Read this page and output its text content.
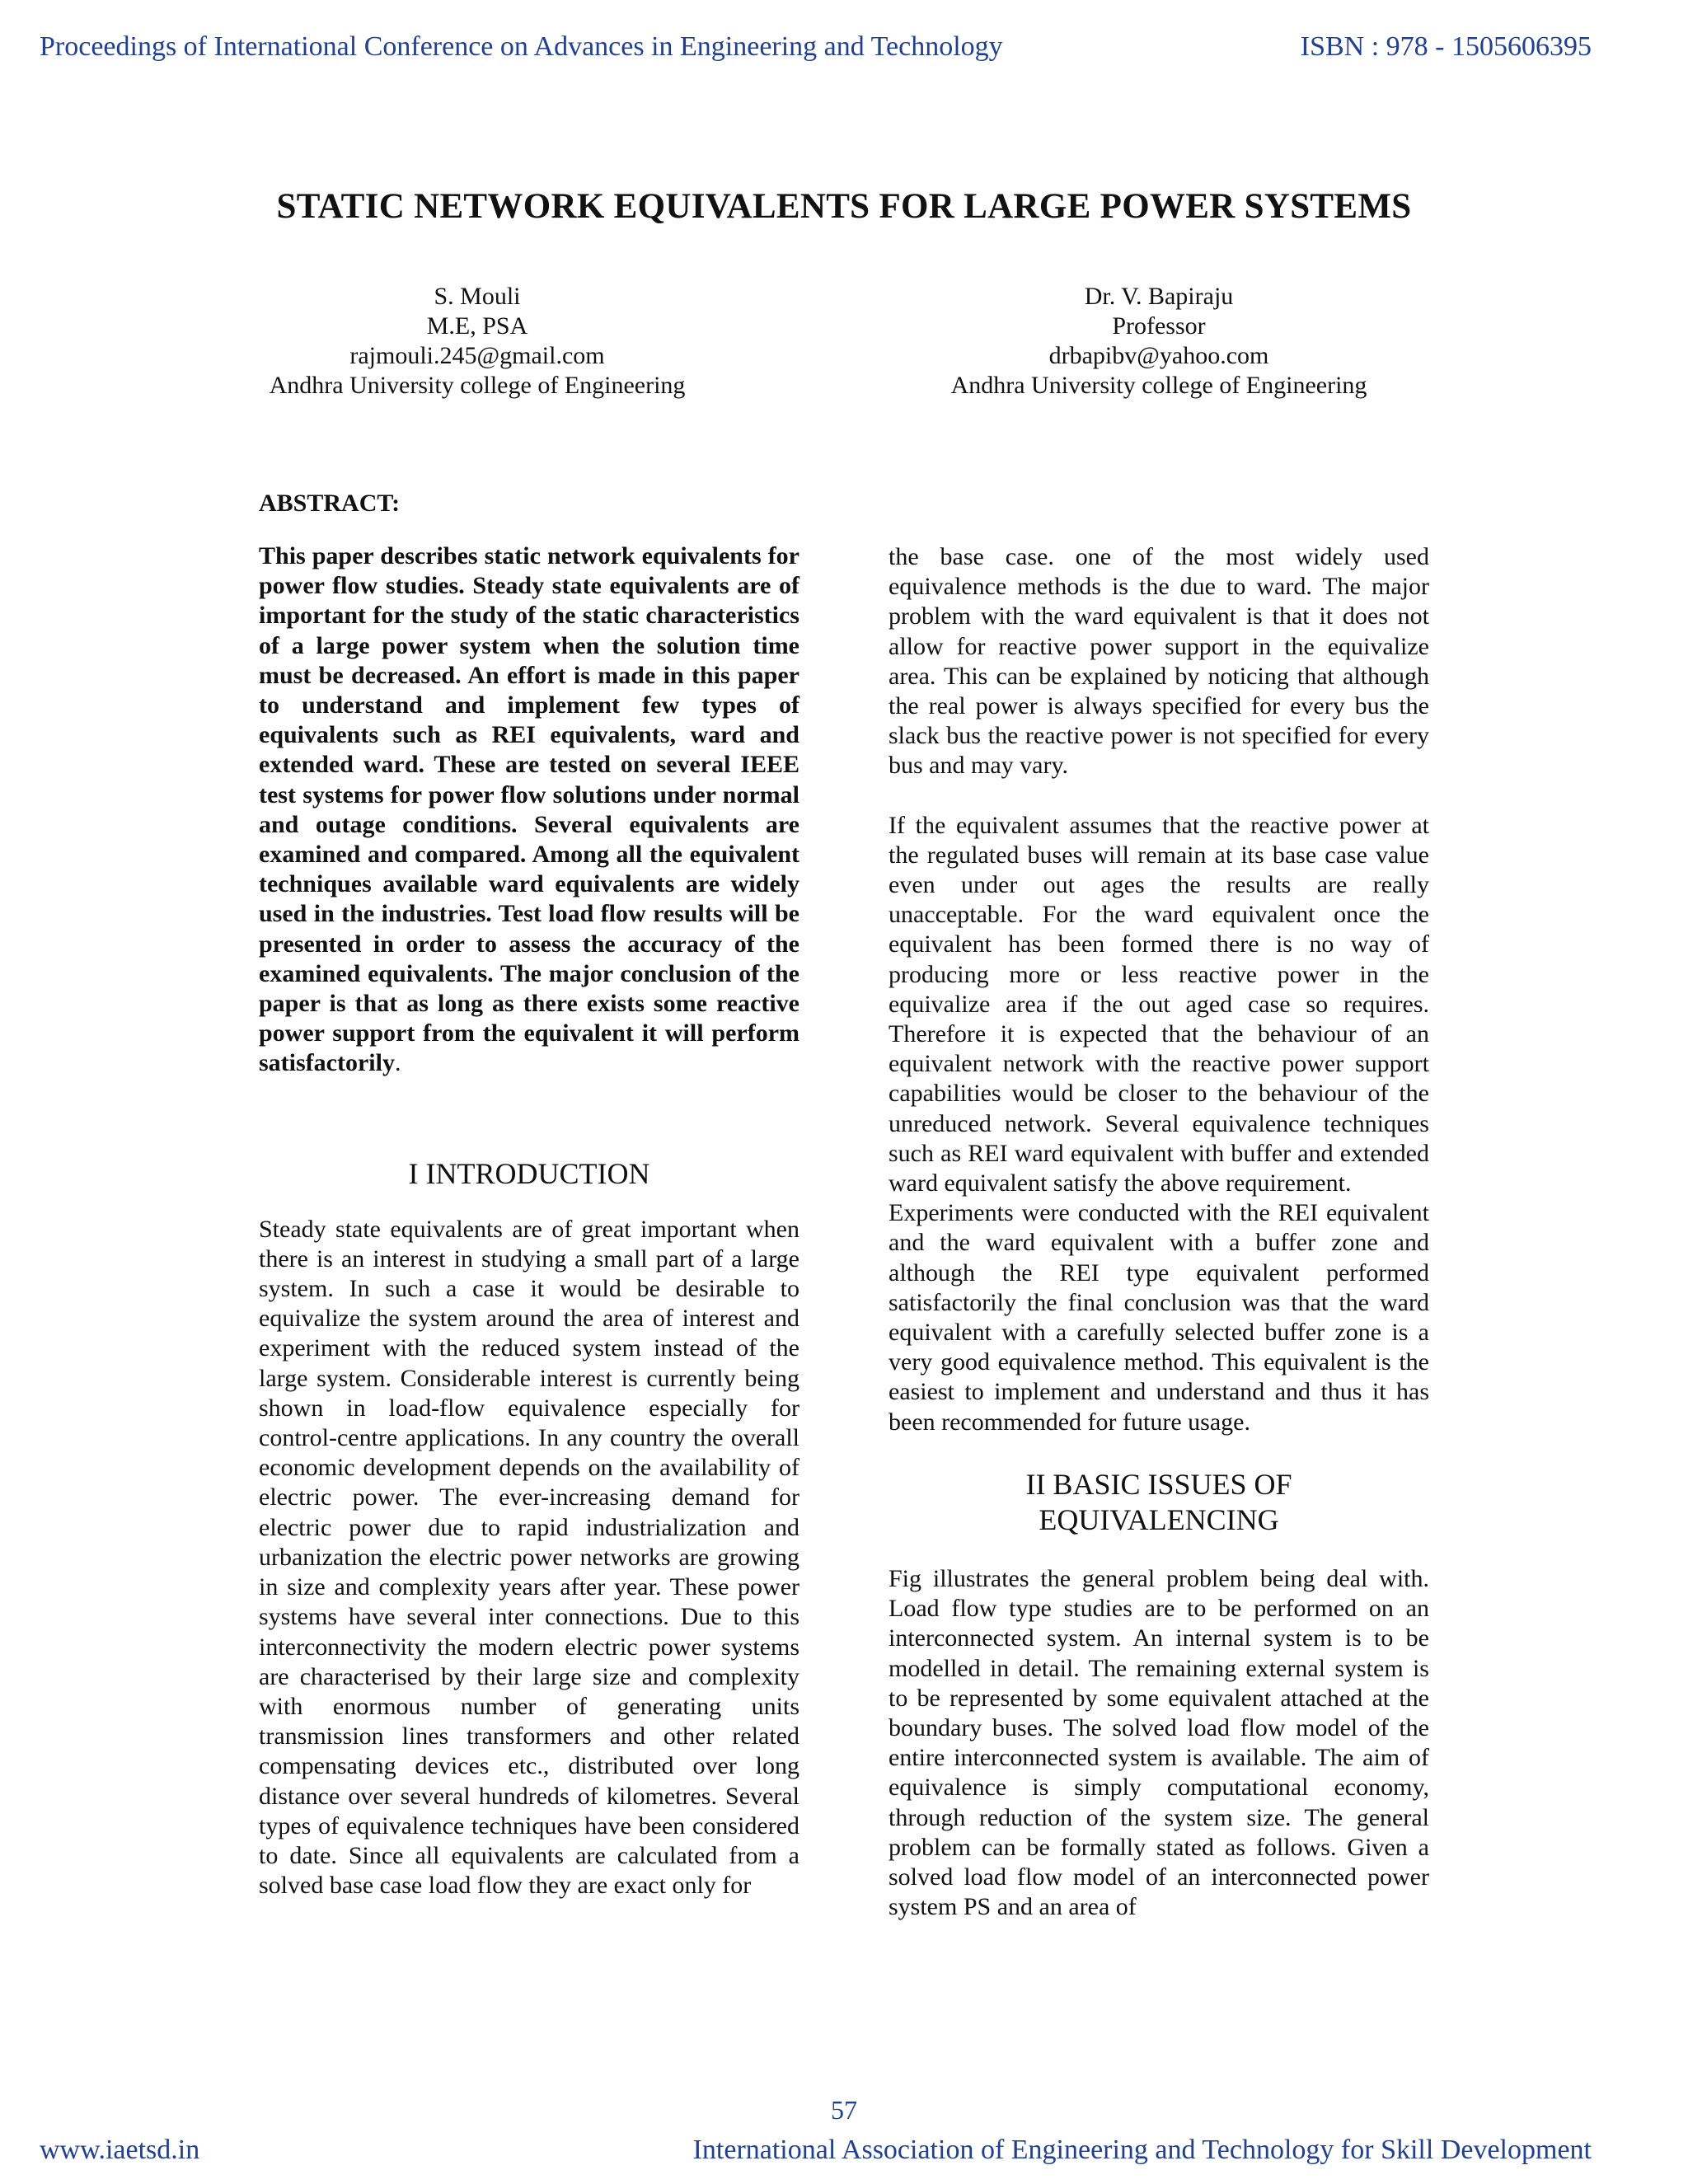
Proceedings of International Conference on Advances in Engineering and Technology	ISBN : 978 - 1505606395
STATIC NETWORK EQUIVALENTS FOR LARGE POWER SYSTEMS
S. Mouli
M.E, PSA
rajmouli.245@gmail.com
Andhra University college of Engineering
Dr. V. Bapiraju
Professor
drbapibv@yahoo.com
Andhra University college of Engineering
ABSTRACT:

This paper describes static network equivalents for power flow studies. Steady state equivalents are of important for the study of the static characteristics of a large power system when the solution time must be decreased. An effort is made in this paper to understand and implement few types of equivalents such as REI equivalents, ward and extended ward. These are tested on several IEEE test systems for power flow solutions under normal and outage conditions. Several equivalents are examined and compared. Among all the equivalent techniques available ward equivalents are widely used in the industries. Test load flow results will be presented in order to assess the accuracy of the examined equivalents. The major conclusion of the paper is that as long as there exists some reactive power support from the equivalent it will perform satisfactorily.

I INTRODUCTION

Steady state equivalents are of great important when there is an interest in studying a small part of a large system. In such a case it would be desirable to equivalize the system around the area of interest and experiment with the reduced system instead of the large system. Considerable interest is currently being shown in load-flow equivalence especially for control-centre applications. In any country the overall economic development depends on the availability of electric power. The ever-increasing demand for electric power due to rapid industrialization and urbanization the electric power networks are growing in size and complexity years after year. These power systems have several inter connections. Due to this interconnectivity the modern electric power systems are characterised by their large size and complexity with enormous number of generating units transmission lines transformers and other related compensating devices etc., distributed over long distance over several hundreds of kilometres. Several types of equivalence techniques have been considered to date. Since all equivalents are calculated from a solved base case load flow they are exact only for

the base case. one of the most widely used equivalence methods is the due to ward. The major problem with the ward equivalent is that it does not allow for reactive power support in the equivalize area. This can be explained by noticing that although the real power is always specified for every bus the slack bus the reactive power is not specified for every bus and may vary.

If the equivalent assumes that the reactive power at the regulated buses will remain at its base case value even under out ages the results are really unacceptable. For the ward equivalent once the equivalent has been formed there is no way of producing more or less reactive power in the equivalize area if the out aged case so requires. Therefore it is expected that the behaviour of an equivalent network with the reactive power support capabilities would be closer to the behaviour of the unreduced network. Several equivalence techniques such as REI ward equivalent with buffer and extended ward equivalent satisfy the above requirement.

Experiments were conducted with the REI equivalent and the ward equivalent with a buffer zone and although the REI type equivalent performed satisfactorily the final conclusion was that the ward equivalent with a carefully selected buffer zone is a very good equivalence method. This equivalent is the easiest to implement and understand and thus it has been recommended for future usage.

II BASIC ISSUES OF
EQUIVALENCING

Fig illustrates the general problem being deal with. Load flow type studies are to be performed on an interconnected system. An internal system is to be modelled in detail. The remaining external system is to be represented by some equivalent attached at the boundary buses. The solved load flow model of the entire interconnected system is available. The aim of equivalence is simply computational economy, through reduction of the system size. The general problem can be formally stated as follows. Given a solved load flow model of an interconnected power system PS and an area of

57
www.iaetsd.in	International Association of Engineering and Technology for Skill Development
